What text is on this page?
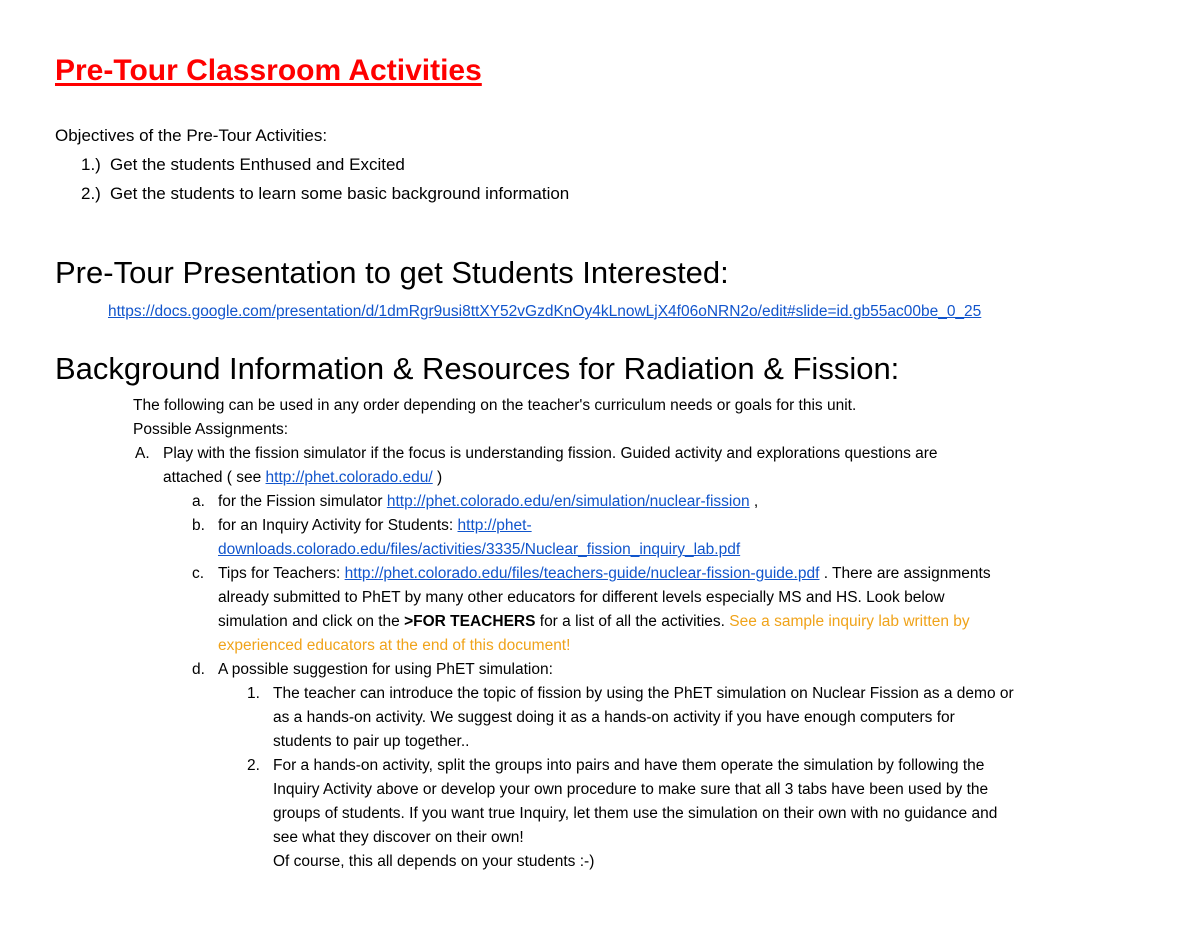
Pre-Tour Classroom Activities
Objectives of the Pre-Tour Activities:
1.) Get the students Enthused and Excited
2.) Get the students to learn some basic background information
Pre-Tour Presentation to get Students Interested:
https://docs.google.com/presentation/d/1dmRgr9usi8ttXY52vGzdKnOy4kLnowLjX4f06oNRN2o/edit#slide=id.gb55ac00be_0_25
Background Information & Resources for Radiation & Fission:
The following can be used in any order depending on the teacher's curriculum needs or goals for this unit.
Possible Assignments:
A. Play with the fission simulator if the focus is understanding fission. Guided activity and explorations questions are
attached ( see http://phet.colorado.edu/ )
a. for the Fission simulator http://phet.colorado.edu/en/simulation/nuclear-fission ,
b. for an Inquiry Activity for Students: http://phet-
downloads.colorado.edu/files/activities/3335/Nuclear_fission_inquiry_lab.pdf
c. Tips for Teachers: http://phet.colorado.edu/files/teachers-guide/nuclear-fission-guide.pdf . There are assignments
already submitted to PhET by many other educators for different levels especially MS and HS. Look below
simulation and click on the >FOR TEACHERS for a list of all the activities. See a sample inquiry lab written by
experienced educators at the end of this document!
d. A possible suggestion for using PhET simulation:
1. The teacher can introduce the topic of fission by using the PhET simulation on Nuclear Fission as a demo or
as a hands-on activity. We suggest doing it as a hands-on activity if you have enough computers for
students to pair up together..
2. For a hands-on activity, split the groups into pairs and have them operate the simulation by following the
Inquiry Activity above or develop your own procedure to make sure that all 3 tabs have been used by the
groups of students. If you want true Inquiry, let them use the simulation on their own with no guidance and
see what they discover on their own!
Of course, this all depends on your students :-)
